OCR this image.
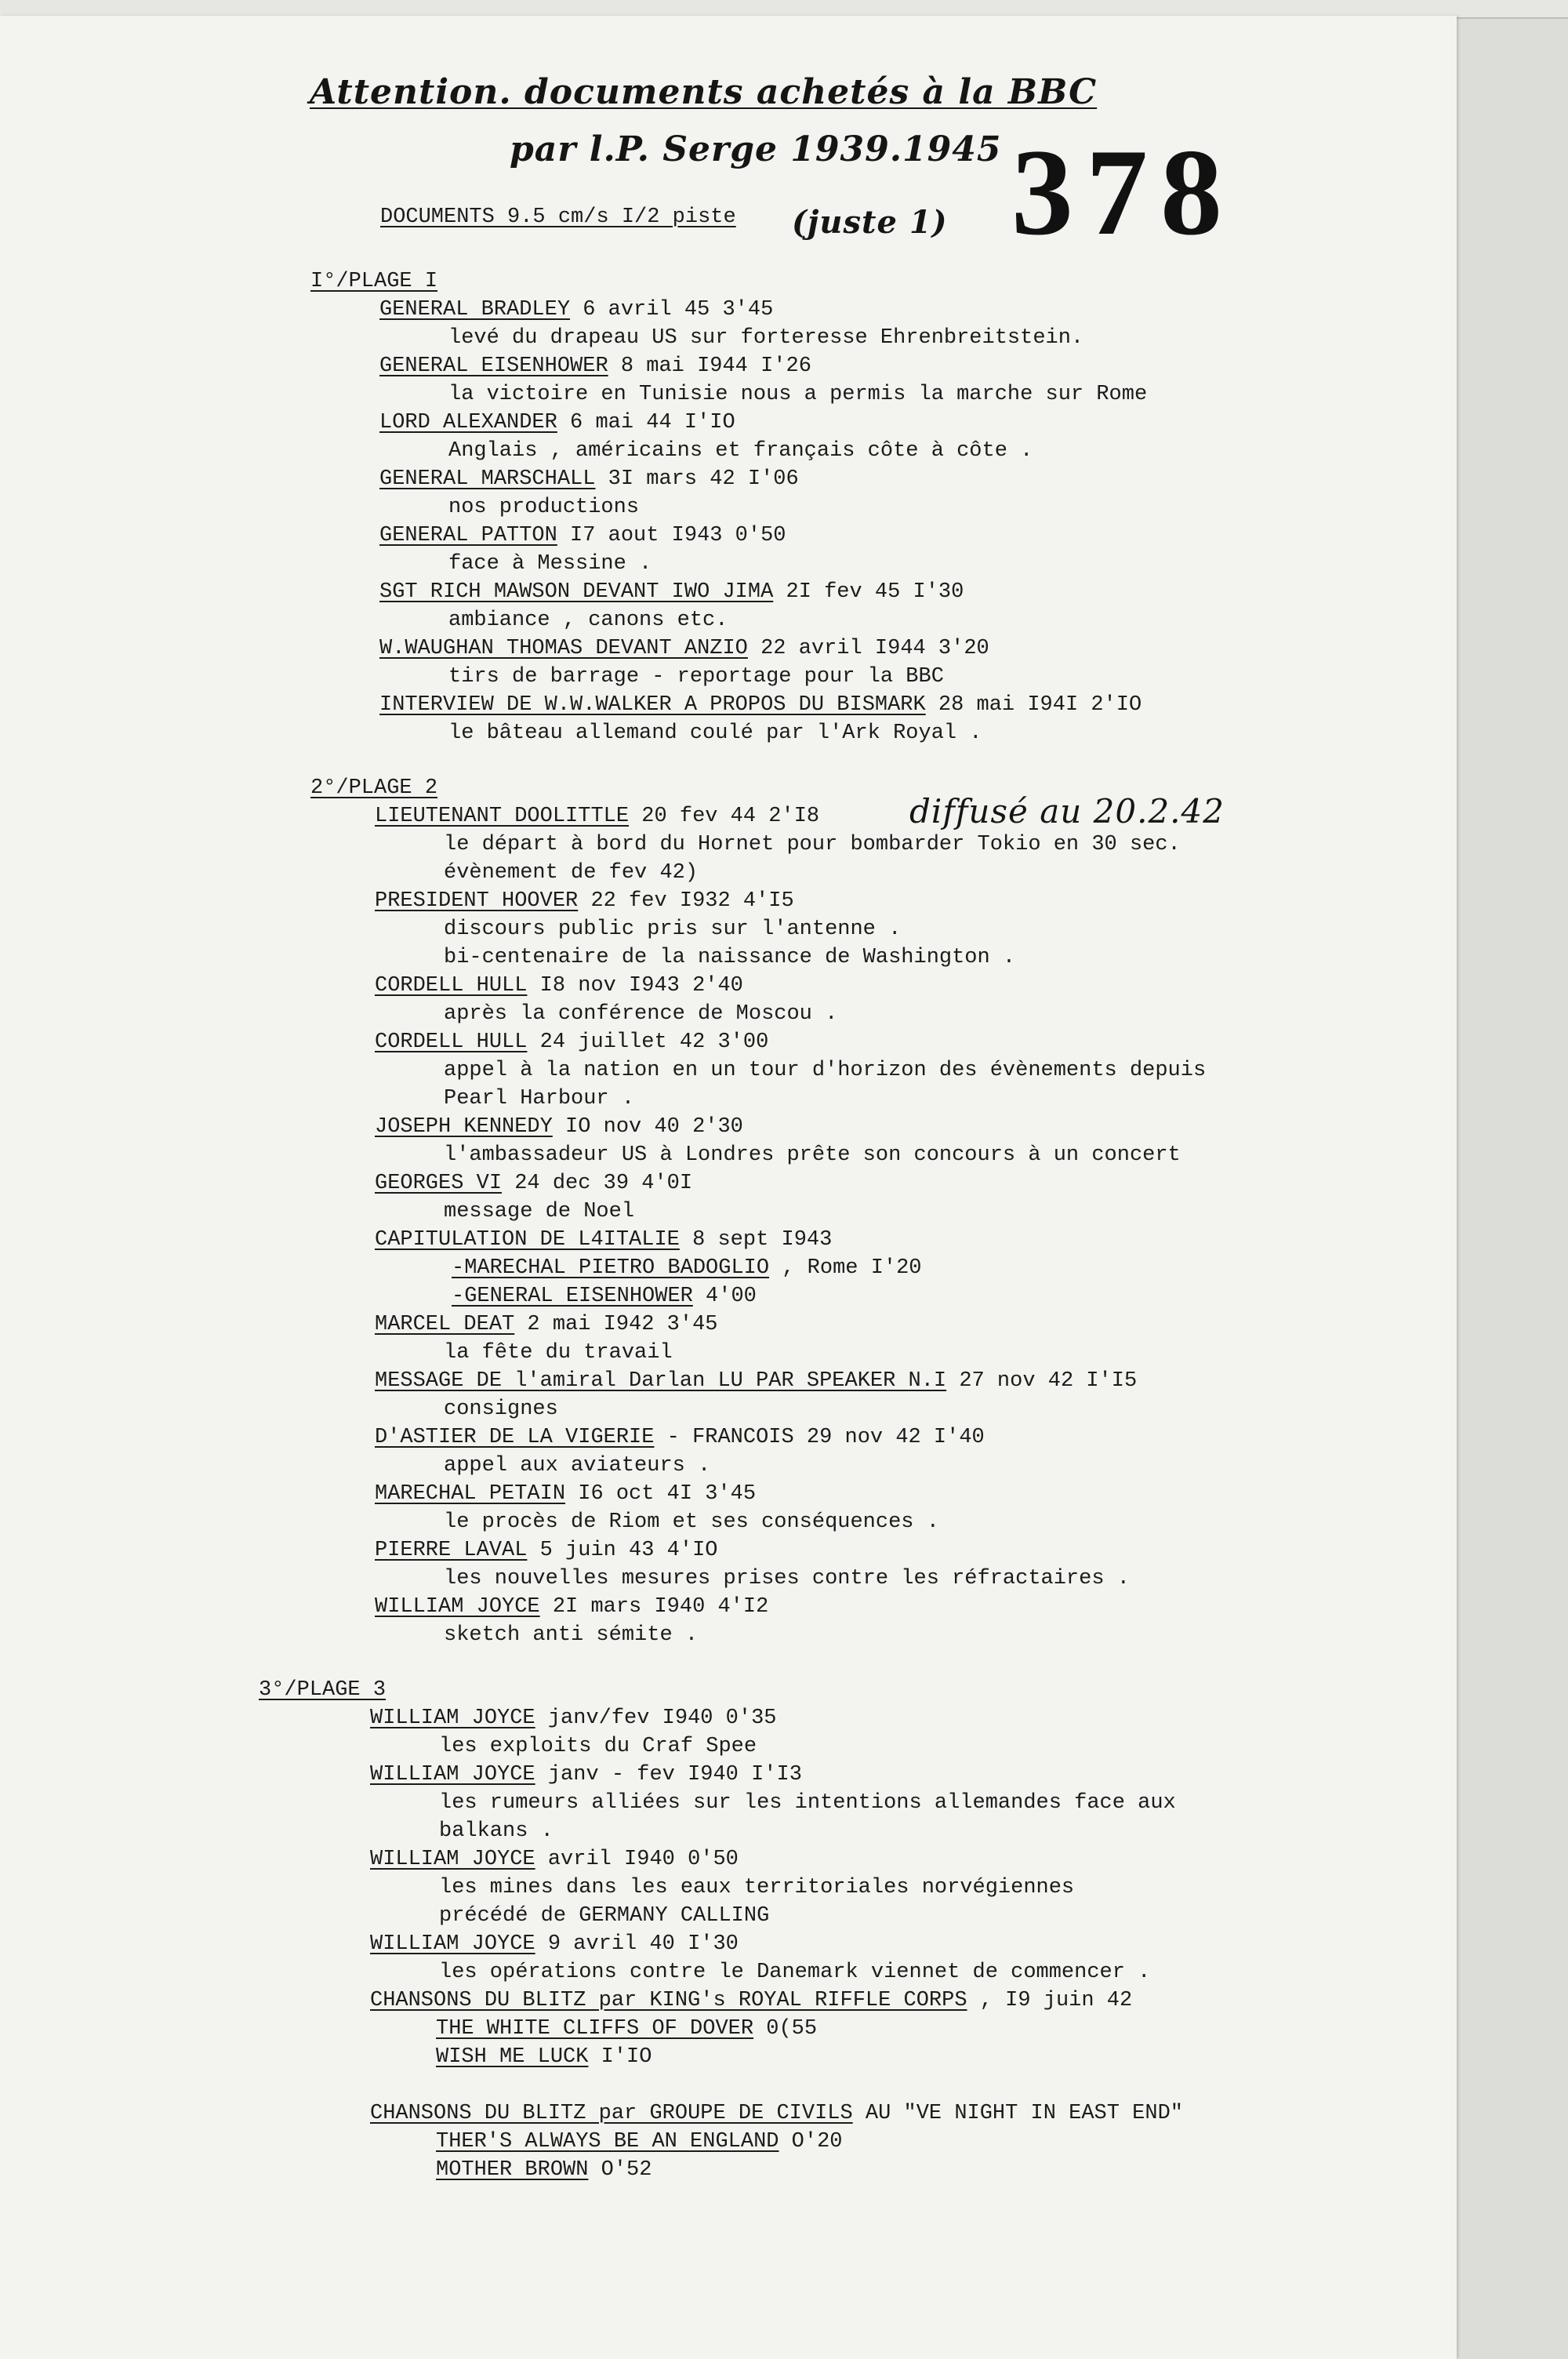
Attention. documents achetés à la BBC
par l.P. Serge 1939.1945
(juste 1)
diffusé au 20.2.42
378
DOCUMENTS 9.5 cm/s I/2 piste
I°/PLAGE I
GENERAL BRADLEY 6 avril 45 3'45
levé du drapeau US sur forteresse Ehrenbreitstein.
GENERAL EISENHOWER 8 mai I944 I'26
la victoire en Tunisie nous a permis la marche sur Rome
LORD ALEXANDER 6 mai 44 I'IO
Anglais , américains et français côte à côte .
GENERAL MARSCHALL 3I mars 42 I'06
nos productions
GENERAL PATTON I7 aout I943 0'50
face à Messine .
SGT RICH MAWSON DEVANT IWO JIMA 2I fev 45 I'30
ambiance , canons etc.
W.WAUGHAN THOMAS DEVANT ANZIO 22 avril I944 3'20
tirs de barrage - reportage pour la BBC
INTERVIEW DE W.W.WALKER A PROPOS DU BISMARK 28 mai I94I 2'IO
le bâteau allemand coulé par l'Ark Royal .
2°/PLAGE 2
LIEUTENANT DOOLITTLE 20 fev 44 2'I8
le départ à bord du Hornet pour bombarder Tokio en 30 sec.
évènement de fev 42)
PRESIDENT HOOVER 22 fev I932 4'I5
discours public pris sur l'antenne .
bi-centenaire de la naissance de Washington .
CORDELL HULL I8 nov I943 2'40
après la conférence de Moscou .
CORDELL HULL 24 juillet 42 3'00
appel à la nation en un tour d'horizon des évènements depuis
Pearl Harbour .
JOSEPH KENNEDY IO nov 40 2'30
l'ambassadeur US à Londres prête son concours à un concert
GEORGES VI 24 dec 39 4'0I
message de Noel
CAPITULATION DE L4ITALIE 8 sept I943
-MARECHAL PIETRO BADOGLIO , Rome I'20
-GENERAL EISENHOWER 4'00
MARCEL DEAT 2 mai I942 3'45
la fête du travail
MESSAGE DE l'amiral Darlan LU PAR SPEAKER N.I 27 nov 42 I'I5
consignes
D'ASTIER DE LA VIGERIE - FRANCOIS 29 nov 42 I'40
appel aux aviateurs .
MARECHAL PETAIN I6 oct 4I 3'45
le procès de Riom et ses conséquences .
PIERRE LAVAL 5 juin 43 4'IO
les nouvelles mesures prises contre les réfractaires .
WILLIAM JOYCE 2I mars I940 4'I2
sketch anti sémite .
3°/PLAGE 3
WILLIAM JOYCE janv/fev I940 0'35
les exploits du Craf Spee
WILLIAM JOYCE janv - fev I940 I'I3
les rumeurs alliées sur les intentions allemandes face aux
balkans .
WILLIAM JOYCE avril I940 0'50
les mines dans les eaux territoriales norvégiennes
précédé de GERMANY CALLING
WILLIAM JOYCE 9 avril 40 I'30
les opérations contre le Danemark viennet de commencer .
CHANSONS DU BLITZ par KING's ROYAL RIFFLE CORPS , I9 juin 42
THE WHITE CLIFFS OF DOVER 0(55
WISH ME LUCK I'IO
CHANSONS DU BLITZ par GROUPE DE CIVILS AU "VE NIGHT IN EAST END"
THER'S ALWAYS BE AN ENGLAND O'20
MOTHER BROWN O'52
